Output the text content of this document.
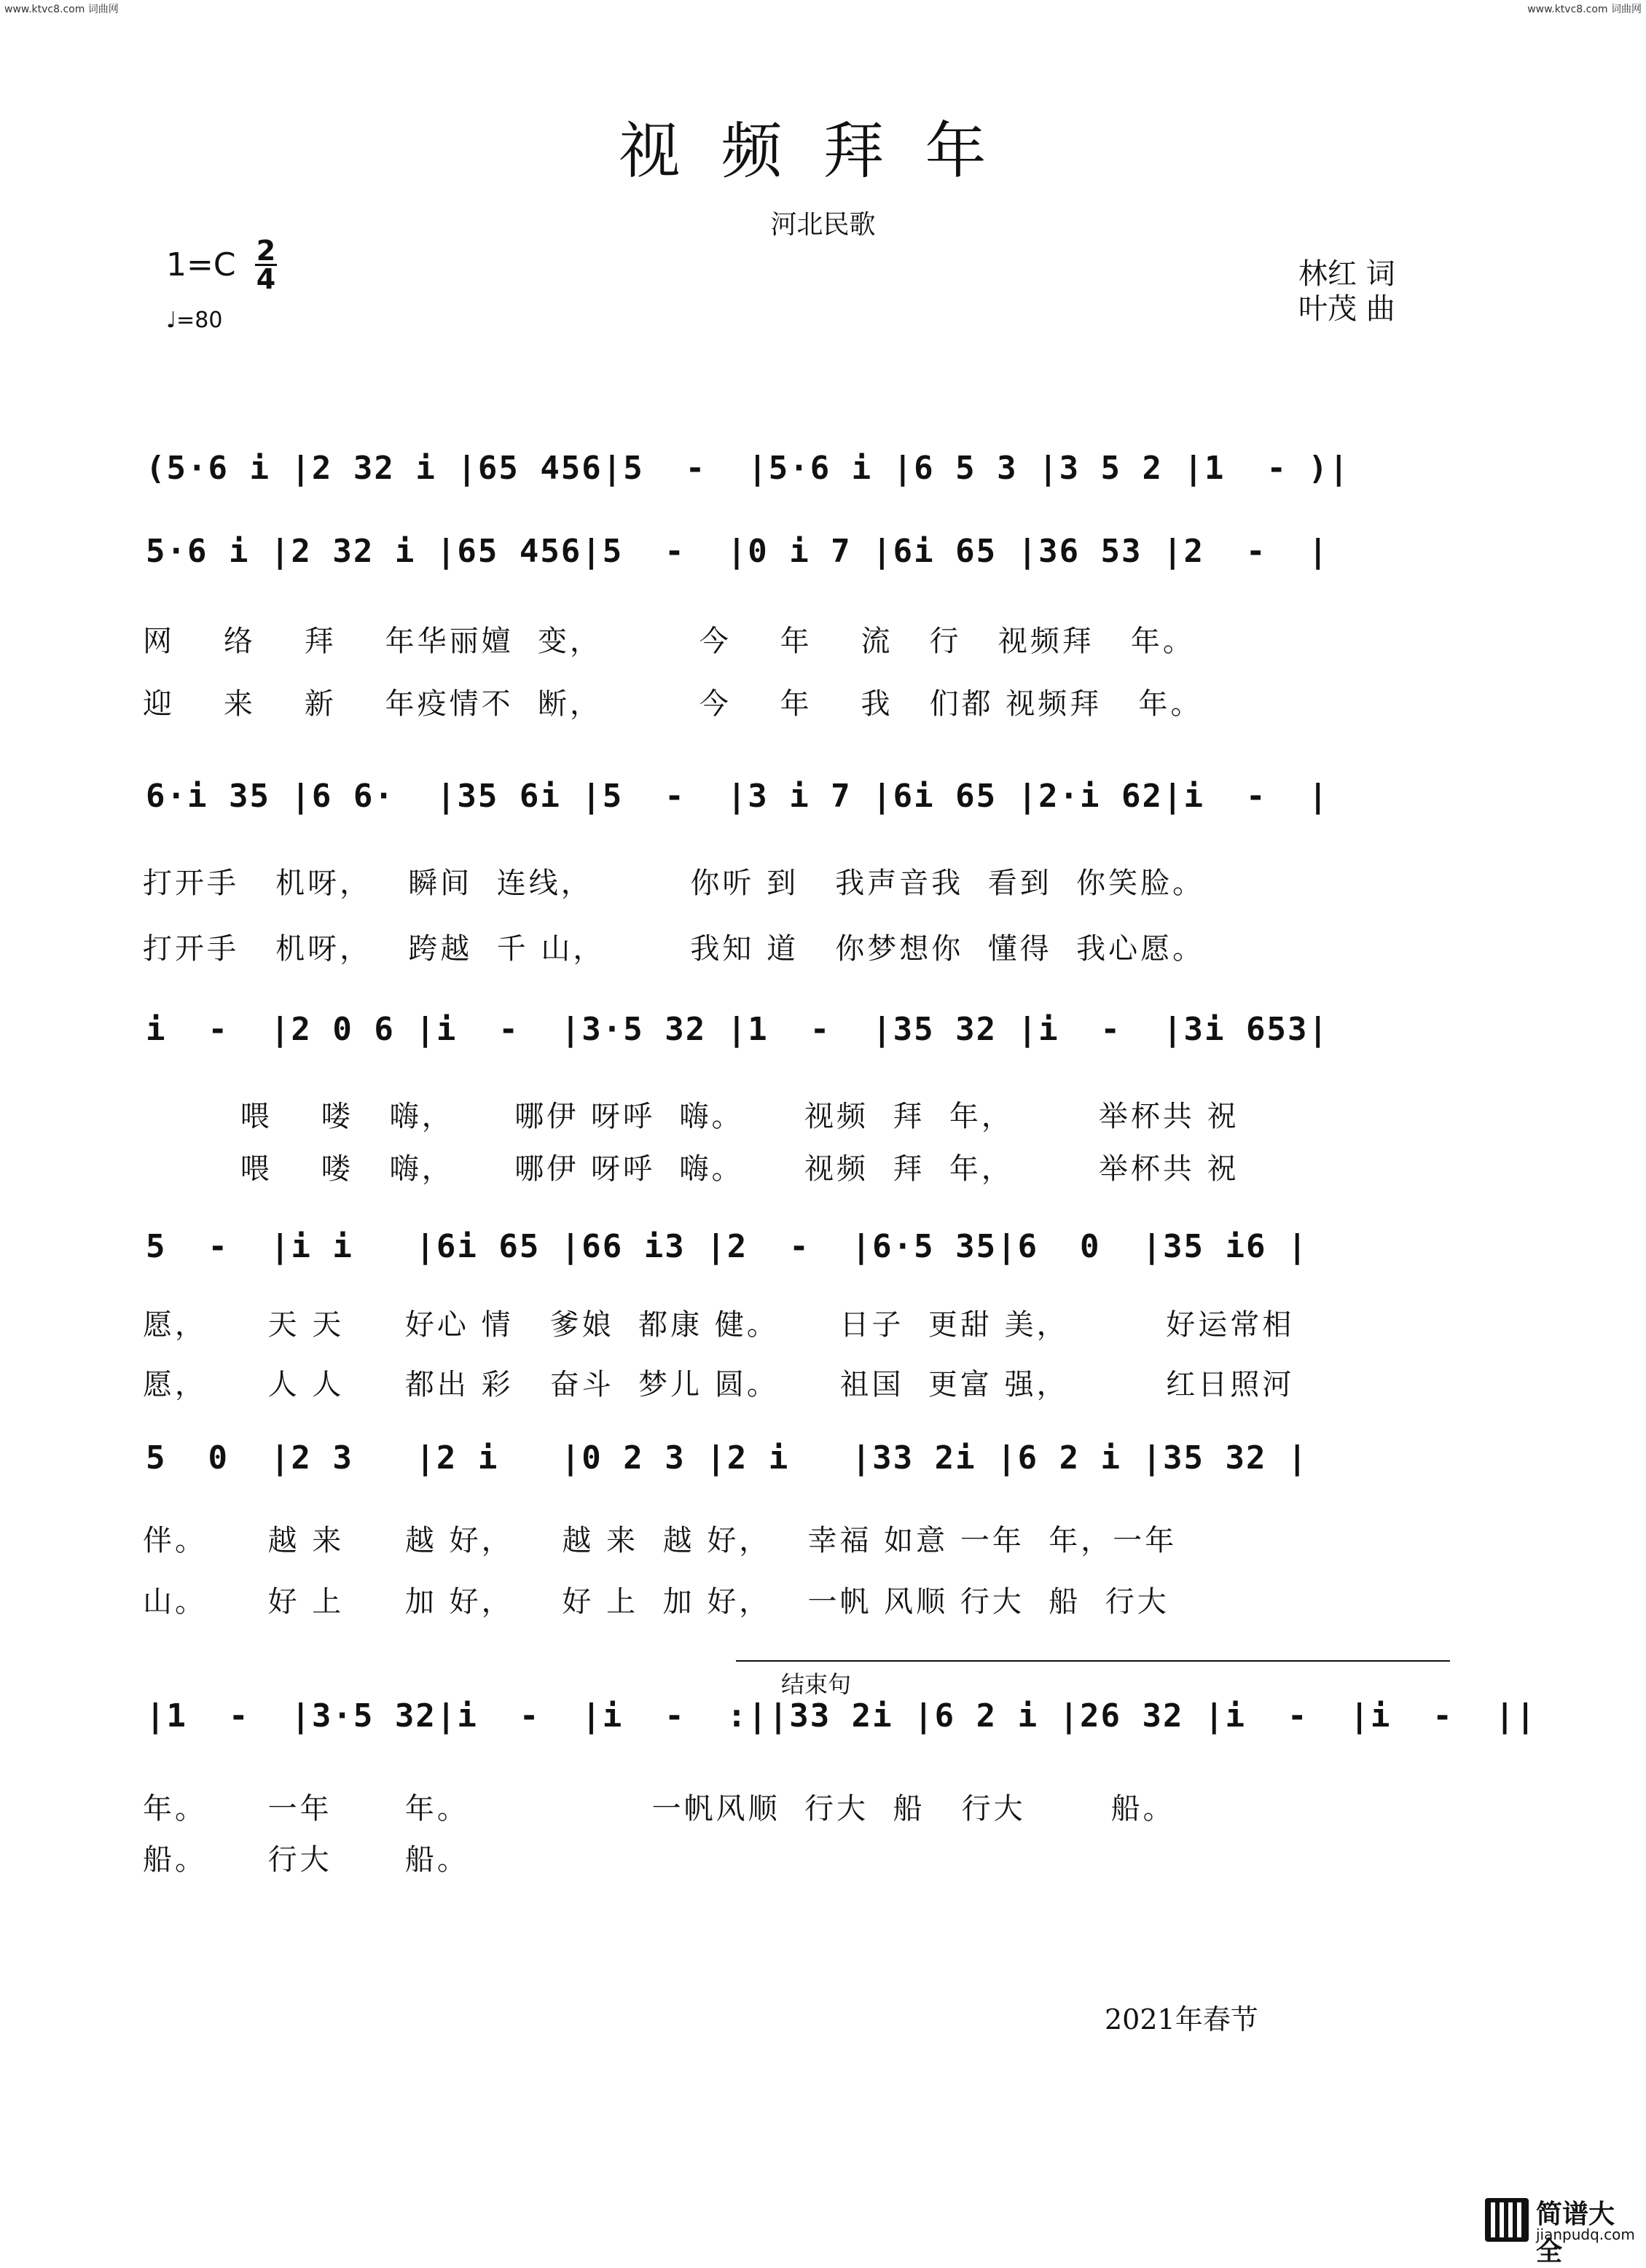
www.ktvc8.com 词曲网	www.ktvc8.com 词曲网
视频拜年
河北民歌
1=C 2
4
♩=80
林红 词
叶茂 曲
(5·6 i |2 32 i |65 456|5  -  |5·6 i |6 5 3 |3 5 2 |1  - )|
5·6 i |2 32 i |65 456|5  -  |0 i 7 |6i 65 |36 53 |2  -  |
网    络    拜    年华丽嬗  变，        今    年    流   行   视频拜   年。
迎    来    新    年疫情不  断，        今    年    我   们都 视频拜   年。
6·i 35 |6 6·  |35 6i |5  -  |3 i 7 |6i 65 |2·i 62|i  -  |
打开手   机呀，   瞬间  连线，        你听 到   我声音我  看到  你笑脸。
打开手   机呀，   跨越  千 山，       我知 道   你梦想你  懂得  我心愿。
i  -  |2 0 6 |i  -  |3·5 32 |1  -  |35 32 |i  -  |3i 653|
喂    喽   嗨，     哪伊 呀呼  嗨。     视频  拜  年，       举杯共 祝
喂    喽   嗨，     哪伊 呀呼  嗨。     视频  拜  年，       举杯共 祝
5  -  |i i   |6i 65 |66 i3 |2  -  |6·5 35|6  0  |35 i6 |
愿，     天 天     好心 情   爹娘  都康 健。     日子  更甜 美，        好运常相
愿，     人 人     都出 彩   奋斗  梦儿 圆。     祖国  更富 强，        红日照河
5  0  |2 3   |2 i   |0 2 3 |2 i   |33 2i |6 2 i |35 32 |
伴。     越 来     越 好，    越 来  越 好，   幸福 如意 一年  年，一年
山。     好 上     加 好，    好 上  加 好，   一帆 风顺 行大  船  行大
结束句
|1  -  |3·5 32|i  -  |i  -  :||33 2i |6 2 i |26 32 |i  -  |i  -  ||
年。     一年      年。               一帆风顺  行大  船   行大       船。
船。     行大      船。
2021年春节
简谱大全
jianpudq.com
